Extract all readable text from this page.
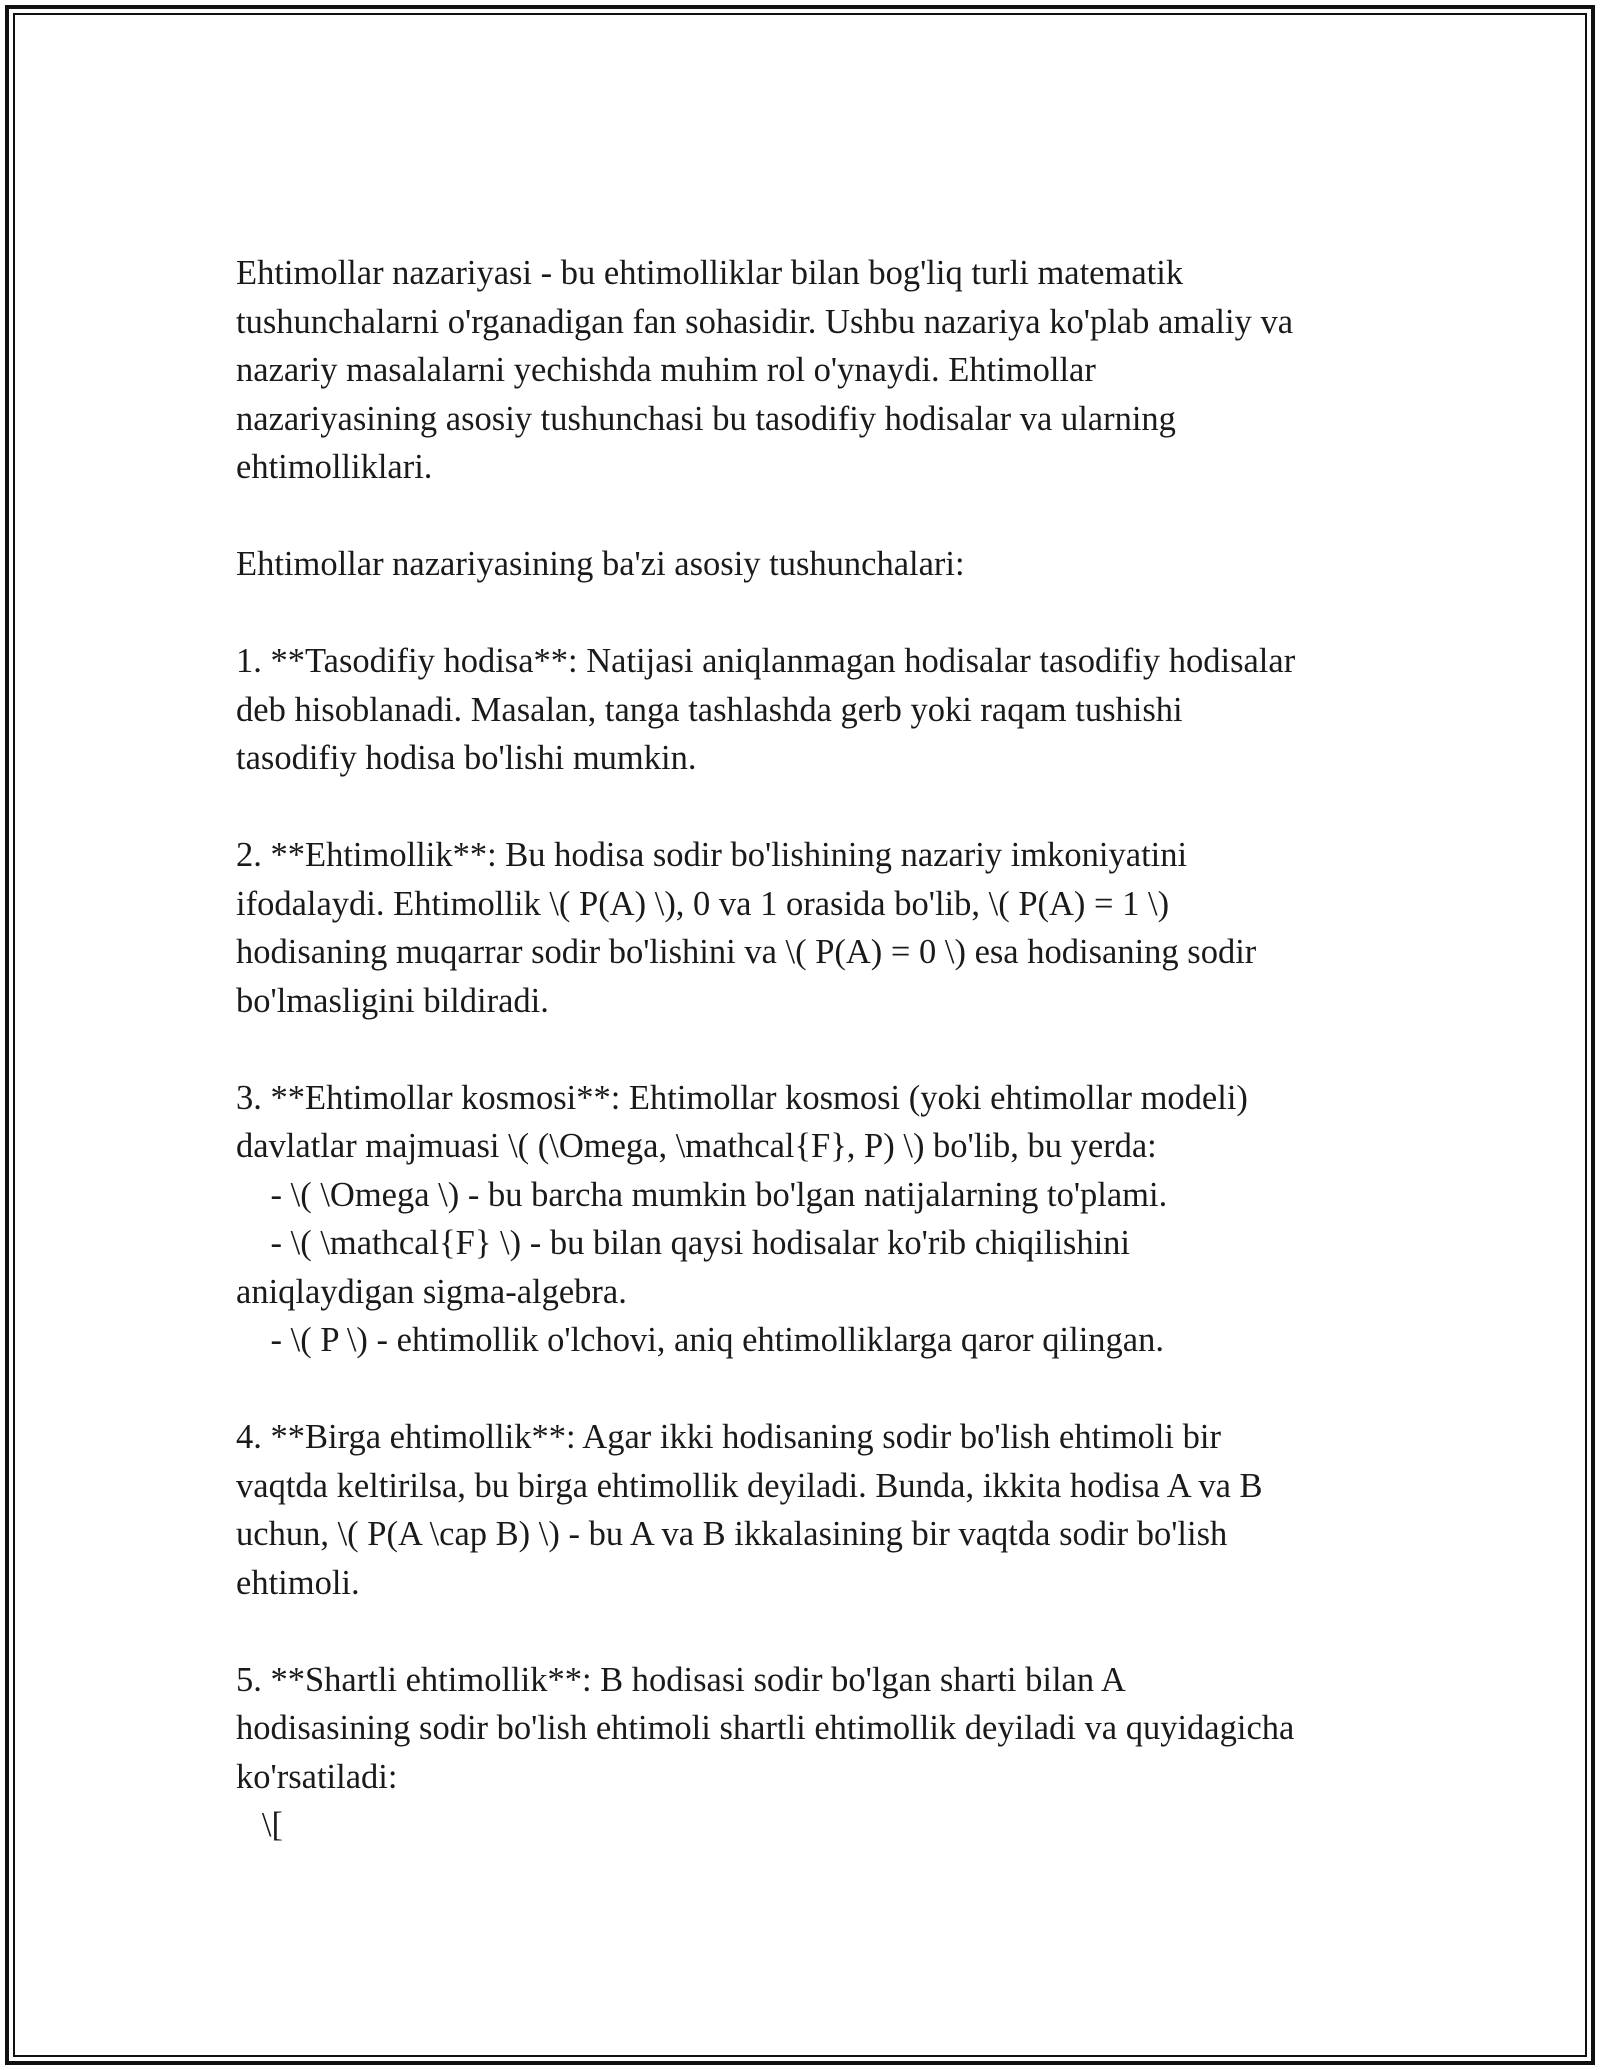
Ehtimollar nazariyasi - bu ehtimolliklar bilan bog'liq turli matematik
tushunchalarni o'rganadigan fan sohasidir. Ushbu nazariya ko'plab amaliy va
nazariy masalalarni yechishda muhim rol o'ynaydi. Ehtimollar
nazariyasining asosiy tushunchasi bu tasodifiy hodisalar va ularning
ehtimolliklari.
Ehtimollar nazariyasining ba'zi asosiy tushunchalari:
1. **Tasodifiy hodisa**: Natijasi aniqlanmagan hodisalar tasodifiy hodisalar
deb hisoblanadi. Masalan, tanga tashlashda gerb yoki raqam tushishi
tasodifiy hodisa bo'lishi mumkin.
2. **Ehtimollik**: Bu hodisa sodir bo'lishining nazariy imkoniyatini
ifodalaydi. Ehtimollik \( P(A) \), 0 va 1 orasida bo'lib, \( P(A) = 1 \)
hodisaning muqarrar sodir bo'lishini va \( P(A) = 0 \) esa hodisaning sodir
bo'lmasligini bildiradi.
3. **Ehtimollar kosmosi**: Ehtimollar kosmosi (yoki ehtimollar modeli)
davlatlar majmuasi \( (\Omega, \mathcal{F}, P) \) bo'lib, bu yerda:
- \( \Omega \) - bu barcha mumkin bo'lgan natijalarning to'plami.
- \( \mathcal{F} \) - bu bilan qaysi hodisalar ko'rib chiqilishini
aniqlaydigan sigma-algebra.
- \( P \) - ehtimollik o'lchovi, aniq ehtimolliklarga qaror qilingan.
4. **Birga ehtimollik**: Agar ikki hodisaning sodir bo'lish ehtimoli bir
vaqtda keltirilsa, bu birga ehtimollik deyiladi. Bunda, ikkita hodisa A va B
uchun, \( P(A \cap B) \) - bu A va B ikkalasining bir vaqtda sodir bo'lish
ehtimoli.
5. **Shartli ehtimollik**: B hodisasi sodir bo'lgan sharti bilan A
hodisasining sodir bo'lish ehtimoli shartli ehtimollik deyiladi va quyidagicha
ko'rsatiladi:
\[
